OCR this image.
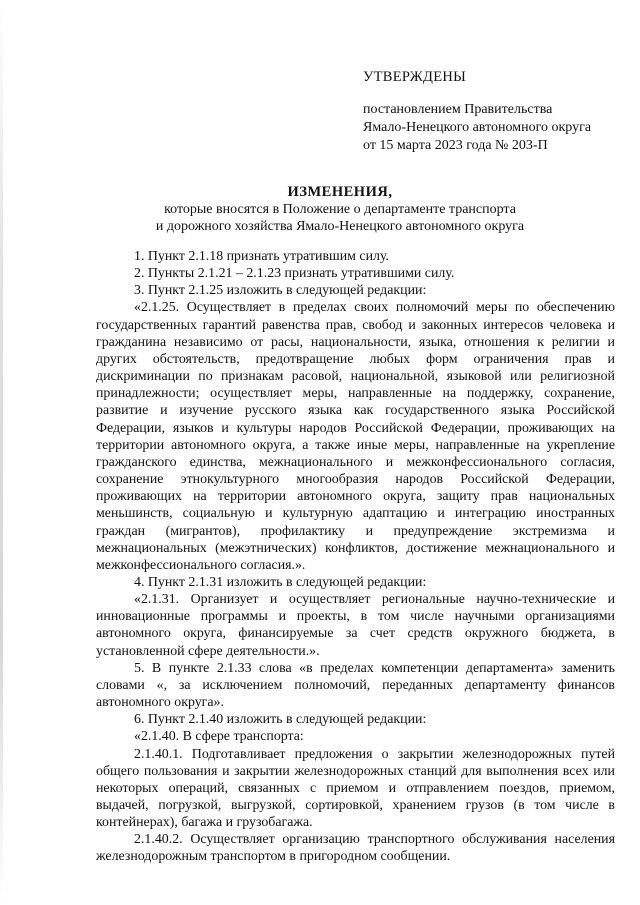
УТВЕРЖДЕНЫ
постановлением Правительства
Ямало-Ненецкого автономного округа
от 15 марта 2023 года № 203-П
ИЗМЕНЕНИЯ,
которые вносятся в Положение о департаменте транспорта
и дорожного хозяйства Ямало-Ненецкого автономного округа

1. Пункт 2.1.18 признать утратившим силу.

2. Пункты 2.1.21 – 2.1.23 признать утратившими силу.

3. Пункт 2.1.25 изложить в следующей редакции:

«2.1.25. Осуществляет в пределах своих полномочий меры по обеспечению государственных гарантий равенства прав, свобод и законных интересов человека и гражданина независимо от расы, национальности, языка, отношения к религии и других обстоятельств, предотвращение любых форм ограничения прав и дискриминации по признакам расовой, национальной, языковой или религиозной принадлежности; осуществляет меры, направленные на поддержку, сохранение, развитие и изучение русского языка как государственного языка Российской Федерации, языков и культуры народов Российской Федерации, проживающих на территории автономного округа, а также иные меры, направленные на укрепление гражданского единства, межнационального и межконфессионального согласия, сохранение этнокультурного многообразия народов Российской Федерации, проживающих на территории автономного округа, защиту прав национальных меньшинств, социальную и культурную адаптацию и интеграцию иностранных граждан (мигрантов), профилактику и предупреждение экстремизма и межнациональных (межэтнических) конфликтов, достижение межнационального и межконфессионального согласия.».

4. Пункт 2.1.31 изложить в следующей редакции:

«2.1.31. Организует и осуществляет региональные научно-технические и инновационные программы и проекты, в том числе научными организациями автономного округа, финансируемые за счет средств окружного бюджета, в установленной сфере деятельности.».

5. В пункте 2.1.33 слова «в пределах компетенции департамента» заменить словами «, за исключением полномочий, переданных департаменту финансов автономного округа».

6. Пункт 2.1.40 изложить в следующей редакции:

«2.1.40. В сфере транспорта:

2.1.40.1. Подготавливает предложения о закрытии железнодорожных путей общего пользования и закрытии железнодорожных станций для выполнения всех или некоторых операций, связанных с приемом и отправлением поездов, приемом, выдачей, погрузкой, выгрузкой, сортировкой, хранением грузов (в том числе в контейнерах), багажа и грузобагажа.

2.1.40.2. Осуществляет организацию транспортного обслуживания населения железнодорожным транспортом в пригородном сообщении.
